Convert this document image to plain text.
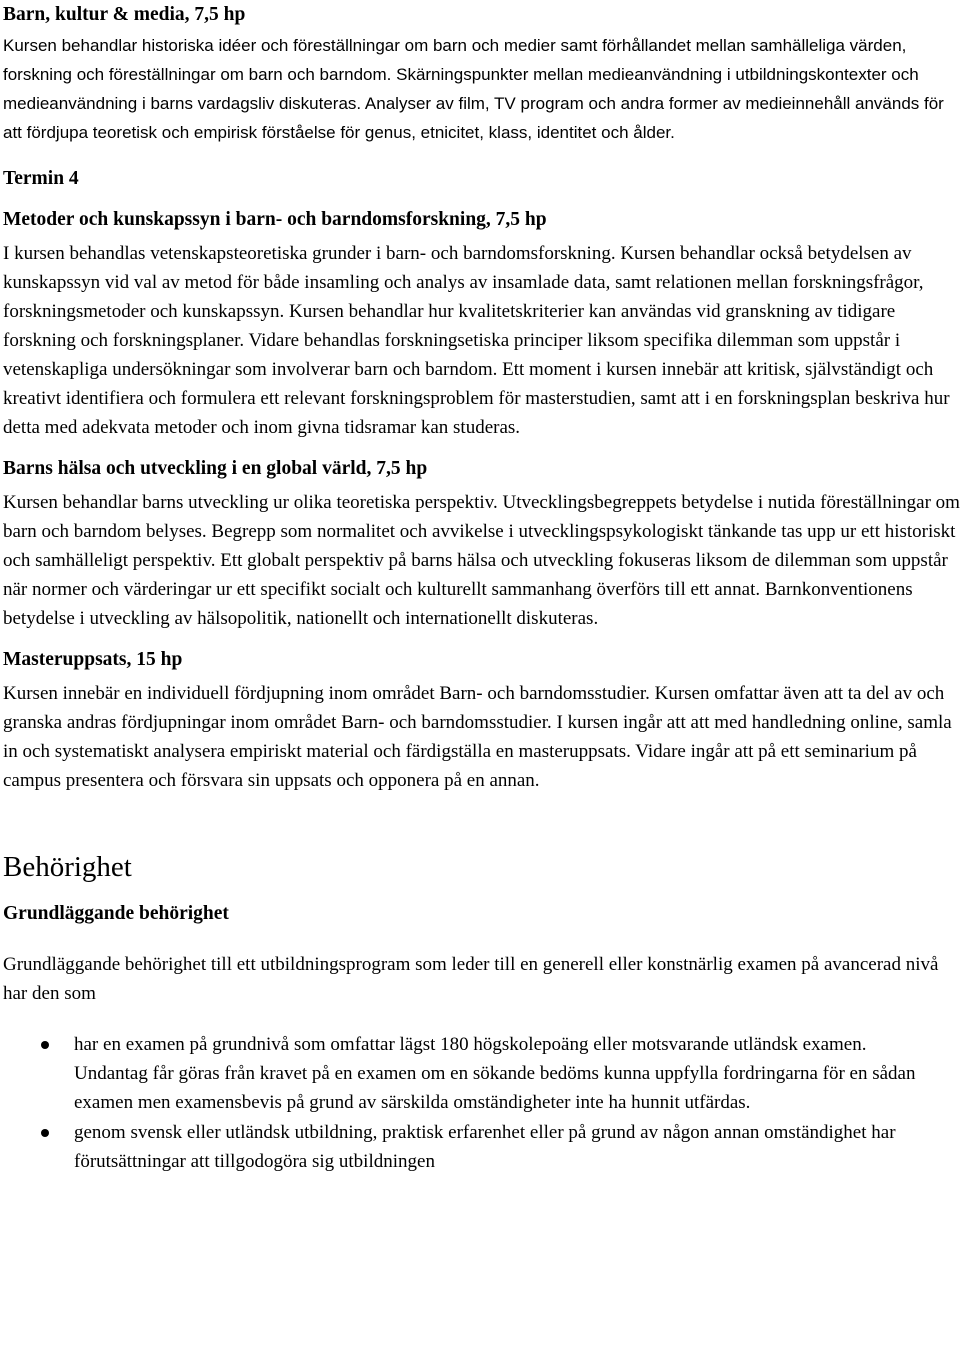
Barn, kultur & media, 7,5 hp

Kursen behandlar historiska idéer och föreställningar om barn och medier samt förhållandet mellan samhälleliga värden, forskning och föreställningar om barn och barndom. Skärningspunkter mellan medieanvändning i utbildningskontexter och medieanvändning i barns vardagsliv diskuteras. Analyser av film, TV program och andra former av medieinnehåll används för att fördjupa teoretisk och empirisk förståelse för genus, etnicitet, klass, identitet och ålder.

Termin 4
Metoder och kunskapssyn i barn- och barndomsforskning, 7,5 hp

I kursen behandlas vetenskapsteoretiska grunder i barn- och barndomsforskning. Kursen behandlar också betydelsen av kunskapssyn vid val av metod för både insamling och analys av insamlade data, samt relationen mellan forskningsfrågor, forskningsmetoder och kunskapssyn. Kursen behandlar hur kvalitetskriterier kan användas vid granskning av tidigare forskning och forskningsplaner. Vidare behandlas forskningsetiska principer liksom specifika dilemman som uppstår i vetenskapliga undersökningar som involverar barn och barndom. Ett moment i kursen innebär att kritisk, självständigt och kreativt identifiera och formulera ett relevant forskningsproblem för masterstudien, samt att i en forskningsplan beskriva hur detta med adekvata metoder och inom givna tidsramar kan studeras.

Barns hälsa och utveckling i en global värld, 7,5 hp

Kursen behandlar barns utveckling ur olika teoretiska perspektiv. Utvecklingsbegreppets betydelse i nutida föreställningar om barn och barndom belyses. Begrepp som normalitet och avvikelse i utvecklingspsykologiskt tänkande tas upp ur ett historiskt och samhälleligt perspektiv. Ett globalt perspektiv på barns hälsa och utveckling fokuseras liksom de dilemman som uppstår när normer och värderingar ur ett specifikt socialt och kulturellt sammanhang överförs till ett annat. Barnkonventionens betydelse i utveckling av hälsopolitik, nationellt och internationellt diskuteras.

Masteruppsats, 15 hp

Kursen innebär en individuell fördjupning inom området Barn- och barndomsstudier. Kursen omfattar även att ta del av och granska andras fördjupningar inom området Barn- och barndomsstudier. I kursen ingår att att med handledning online, samla in och systematiskt analysera empiriskt material och färdigställa en masteruppsats. Vidare ingår att på ett seminarium på campus presentera och försvara sin uppsats och opponera på en annan.

Behörighet
Grundläggande behörighet

Grundläggande behörighet till ett utbildningsprogram som leder till en generell eller konstnärlig examen på avancerad nivå har den som

har en examen på grundnivå som omfattar lägst 180 högskolepoäng eller motsvarande utländsk examen. Undantag får göras från kravet på en examen om en sökande bedöms kunna uppfylla fordringarna för en sådan examen men examensbevis på grund av särskilda omständigheter inte ha hunnit utfärdas.
genom svensk eller utländsk utbildning, praktisk erfarenhet eller på grund av någon annan omständighet har förutsättningar att tillgodogöra sig utbildningen
